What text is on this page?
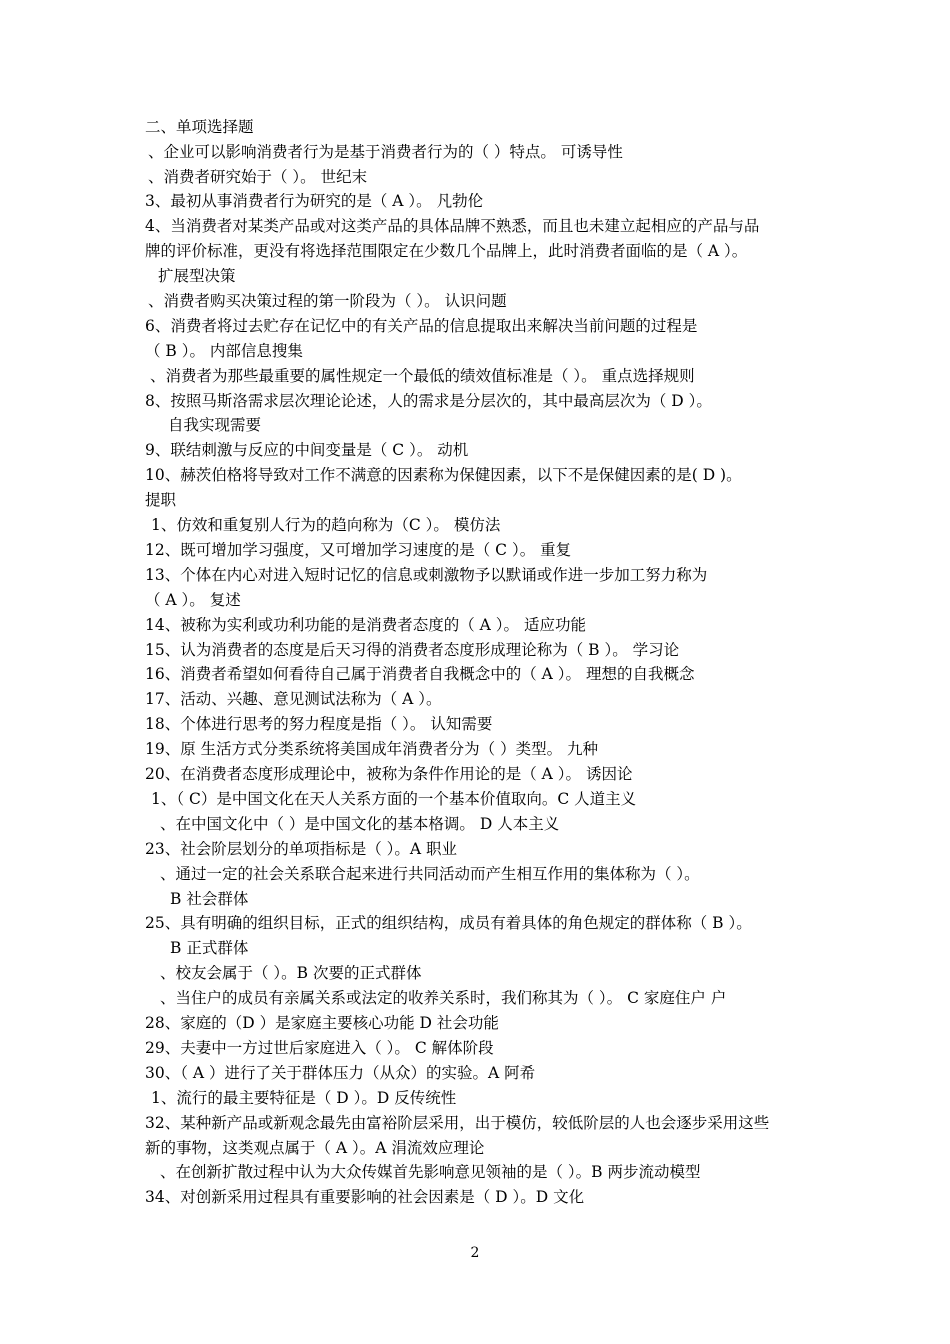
二、单项选择题
、企业可以影响消费者行为是基于消费者行为的（ ）特点。 可诱导性
、消费者研究始于（ ）。 世纪末
3、最初从事消费者行为研究的是（ A ）。 凡勃伦
4、当消费者对某类产品或对这类产品的具体品牌不熟悉，而且也未建立起相应的产品与品
牌的评价标准，更没有将选择范围限定在少数几个品牌上，此时消费者面临的是（ A ）。
扩展型决策
、消费者购买决策过程的第一阶段为（ ）。 认识问题
6、消费者将过去贮存在记忆中的有关产品的信息提取出来解决当前问题的过程是
（ B ）。 内部信息搜集
、消费者为那些最重要的属性规定一个最低的绩效值标准是（ ）。 重点选择规则
8、按照马斯洛需求层次理论论述，人的需求是分层次的，其中最高层次为（ D ）。
自我实现需要
9、联结刺激与反应的中间变量是（ C ）。 动机
10、赫茨伯格将导致对工作不满意的因素称为保健因素，以下不是保健因素的是( D )。
提职
1、仿效和重复别人行为的趋向称为（C ）。 模仿法
12、既可增加学习强度，又可增加学习速度的是（ C ）。 重复
13、个体在内心对进入短时记忆的信息或刺激物予以默诵或作进一步加工努力称为
（ A ）。 复述
14、被称为实利或功利功能的是消费者态度的（ A ）。 适应功能
15、认为消费者的态度是后天习得的消费者态度形成理论称为（ B ）。 学习论
16、消费者希望如何看待自己属于消费者自我概念中的（ A ）。 理想的自我概念
17、活动、兴趣、意见测试法称为（ A ）。
18、个体进行思考的努力程度是指（ ）。 认知需要
19、原 生活方式分类系统将美国成年消费者分为（ ）类型。 九种
20、在消费者态度形成理论中，被称为条件作用论的是（ A ）。 诱因论
1、（ C）是中国文化在天人关系方面的一个基本价值取向。C 人道主义
、在中国文化中（ ）是中国文化的基本格调。 D 人本主义
23、社会阶层划分的单项指标是（ ）。A 职业
、通过一定的社会关系联合起来进行共同活动而产生相互作用的集体称为（ ）。
B 社会群体
25、具有明确的组织目标，正式的组织结构，成员有着具体的角色规定的群体称（ B ）。
B 正式群体
、校友会属于（ ）。B 次要的正式群体
、当住户的成员有亲属关系或法定的收养关系时，我们称其为（ ）。 C 家庭住户 户
28、家庭的（D ）是家庭主要核心功能 D 社会功能
29、夫妻中一方过世后家庭进入（ ）。 C 解体阶段
30、（ A ）进行了关于群体压力（从众）的实验。A 阿希
1、流行的最主要特征是（ D ）。D 反传统性
32、某种新产品或新观念最先由富裕阶层采用，出于模仿，较低阶层的人也会逐步采用这些
新的事物，这类观点属于（ A ）。A 涓流效应理论
、在创新扩散过程中认为大众传媒首先影响意见领袖的是（ ）。B 两步流动模型
34、对创新采用过程具有重要影响的社会因素是（ D ）。D 文化
2
